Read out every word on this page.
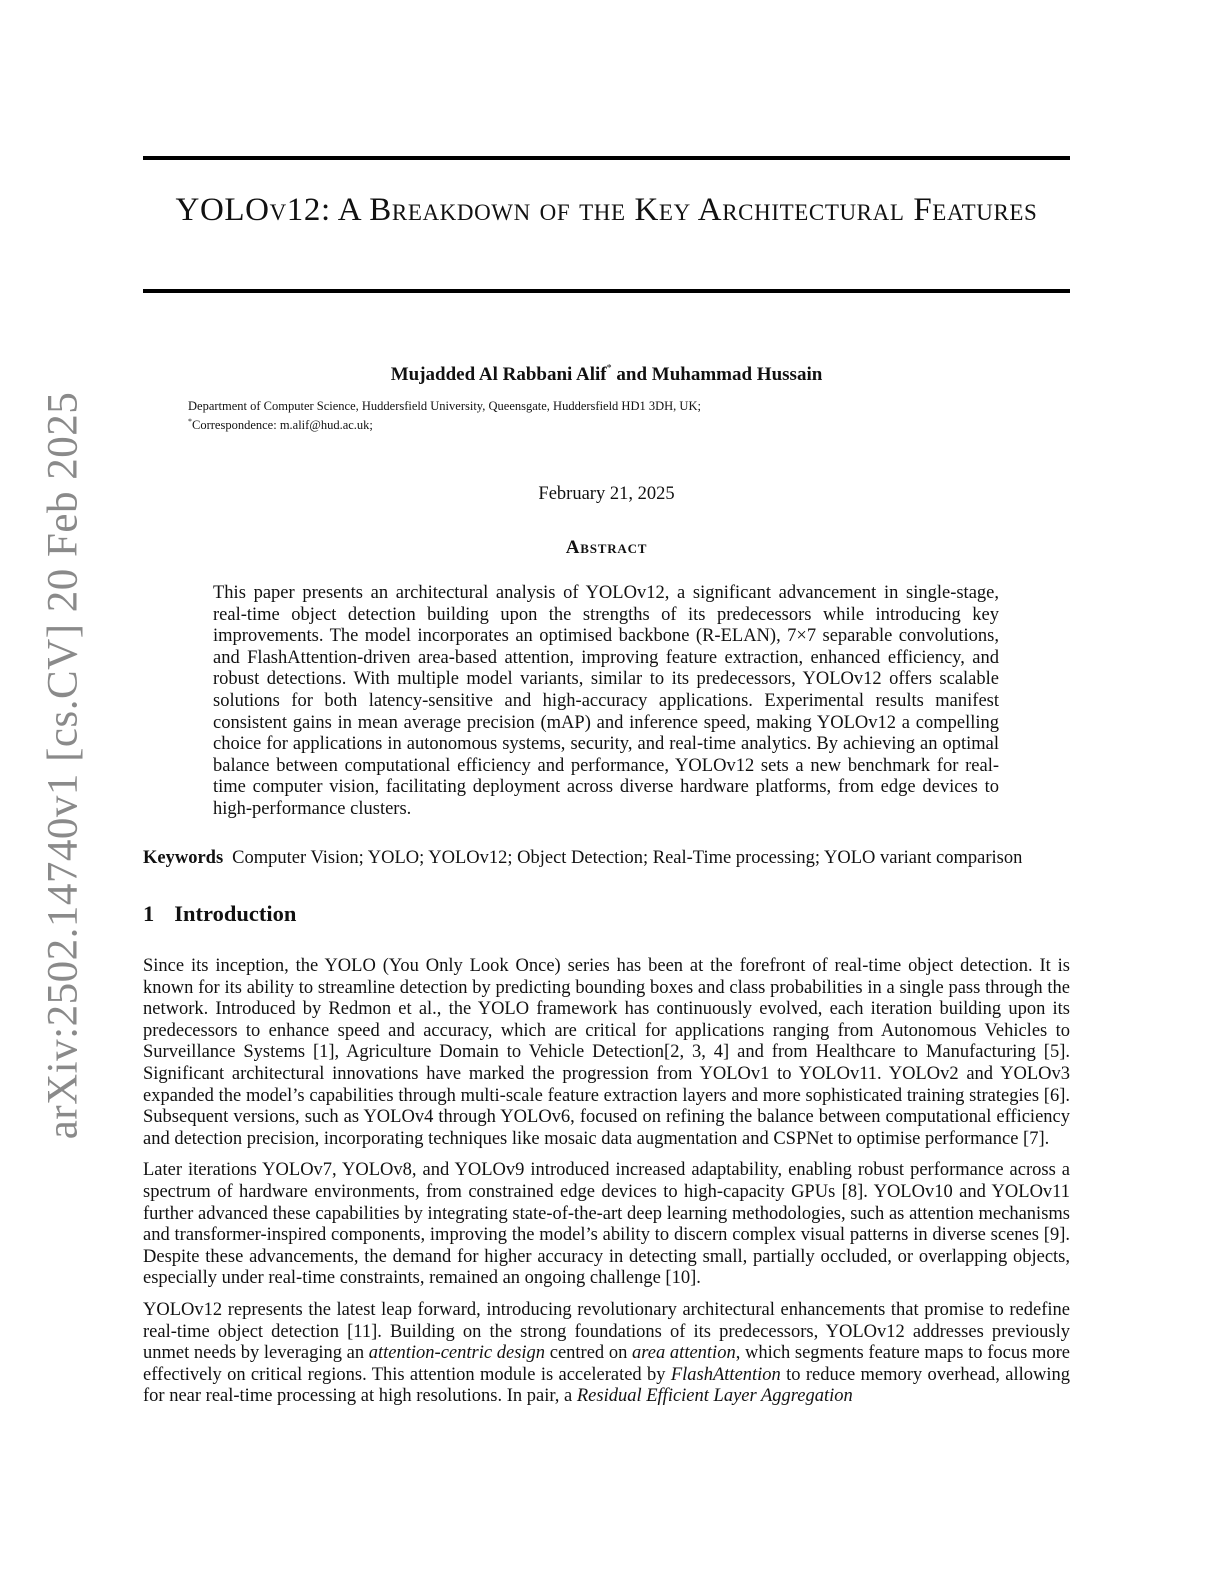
arXiv:2502.14740v1 [cs.CV] 20 Feb 2025
YOLOv12: A Breakdown of the Key Architectural Features
Mujadded Al Rabbani Alif* and Muhammad Hussain
Department of Computer Science, Huddersfield University, Queensgate, Huddersfield HD1 3DH, UK;
*Correspondence: m.alif@hud.ac.uk;
February 21, 2025
Abstract

This paper presents an architectural analysis of YOLOv12, a significant advancement in single-stage, real-time object detection building upon the strengths of its predecessors while introducing key improvements. The model incorporates an optimised backbone (R-ELAN), 7×7 separable convolutions, and FlashAttention-driven area-based attention, improving feature extraction, enhanced efficiency, and robust detections. With multiple model variants, similar to its predecessors, YOLOv12 offers scalable solutions for both latency-sensitive and high-accuracy applications. Experimental results manifest consistent gains in mean average precision (mAP) and inference speed, making YOLOv12 a compelling choice for applications in autonomous systems, security, and real-time analytics. By achieving an optimal balance between computational efficiency and performance, YOLOv12 sets a new benchmark for real-time computer vision, facilitating deployment across diverse hardware platforms, from edge devices to high-performance clusters.

Keywords Computer Vision; YOLO; YOLOv12; Object Detection; Real-Time processing; YOLO variant comparison

1 Introduction

Since its inception, the YOLO (You Only Look Once) series has been at the forefront of real-time object detection. It is known for its ability to streamline detection by predicting bounding boxes and class probabilities in a single pass through the network. Introduced by Redmon et al., the YOLO framework has continuously evolved, each iteration building upon its predecessors to enhance speed and accuracy, which are critical for applications ranging from Autonomous Vehicles to Surveillance Systems [1], Agriculture Domain to Vehicle Detection[2, 3, 4] and from Healthcare to Manufacturing [5]. Significant architectural innovations have marked the progression from YOLOv1 to YOLOv11. YOLOv2 and YOLOv3 expanded the model’s capabilities through multi-scale feature extraction layers and more sophisticated training strategies [6]. Subsequent versions, such as YOLOv4 through YOLOv6, focused on refining the balance between computational efficiency and detection precision, incorporating techniques like mosaic data augmentation and CSPNet to optimise performance [7].

Later iterations YOLOv7, YOLOv8, and YOLOv9 introduced increased adaptability, enabling robust performance across a spectrum of hardware environments, from constrained edge devices to high-capacity GPUs [8]. YOLOv10 and YOLOv11 further advanced these capabilities by integrating state-of-the-art deep learning methodologies, such as attention mechanisms and transformer-inspired components, improving the model’s ability to discern complex visual patterns in diverse scenes [9]. Despite these advancements, the demand for higher accuracy in detecting small, partially occluded, or overlapping objects, especially under real-time constraints, remained an ongoing challenge [10].

YOLOv12 represents the latest leap forward, introducing revolutionary architectural enhancements that promise to redefine real-time object detection [11]. Building on the strong foundations of its predecessors, YOLOv12 addresses previously unmet needs by leveraging an attention-centric design centred on area attention, which segments feature maps to focus more effectively on critical regions. This attention module is accelerated by FlashAttention to reduce memory overhead, allowing for near real-time processing at high resolutions. In pair, a Residual Efficient Layer Aggregation
